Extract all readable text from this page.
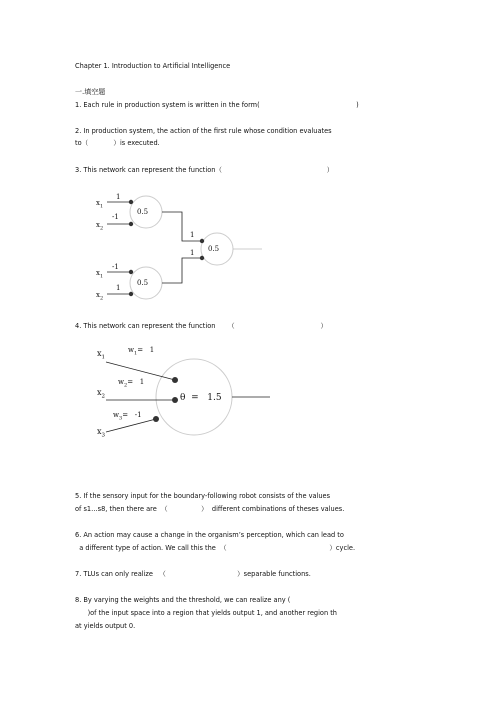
Chapter 1. Introduction to Artificial Intelligence
一.填空题
1. Each rule in production system is written in the form(                                              )
2. In production system, the action of the first rule whose condition evaluates
to（            ）is executed.
3. This network can represent the function（                                                  ）
$x_1$
$x_2$
$x_1$
$x_2$
1
-1
-1
1
0.5
0.5
1
1 0.5
4. This network can represent the function      （                                         ）
$x_1$
$x_2$
$x_3$
$w_1= 1$
$w_2= 1$
$w_3= -1$
θ  =   1.5
5. If the sensory input for the boundary-following robot consists of the values
of s1…s8, then there are  （                ）  different combinations of theses values.
6. An action may cause a change in the organism’s perception, which can lead to
a different type of action. We call this the  （                                                 ）cycle.
7. TLUs can only realize   （                                  ）separable functions.
8. By varying the weights and the threshold, we can realize any (
)of the input space into a region that yields output 1, and another region th
at yields output 0.
